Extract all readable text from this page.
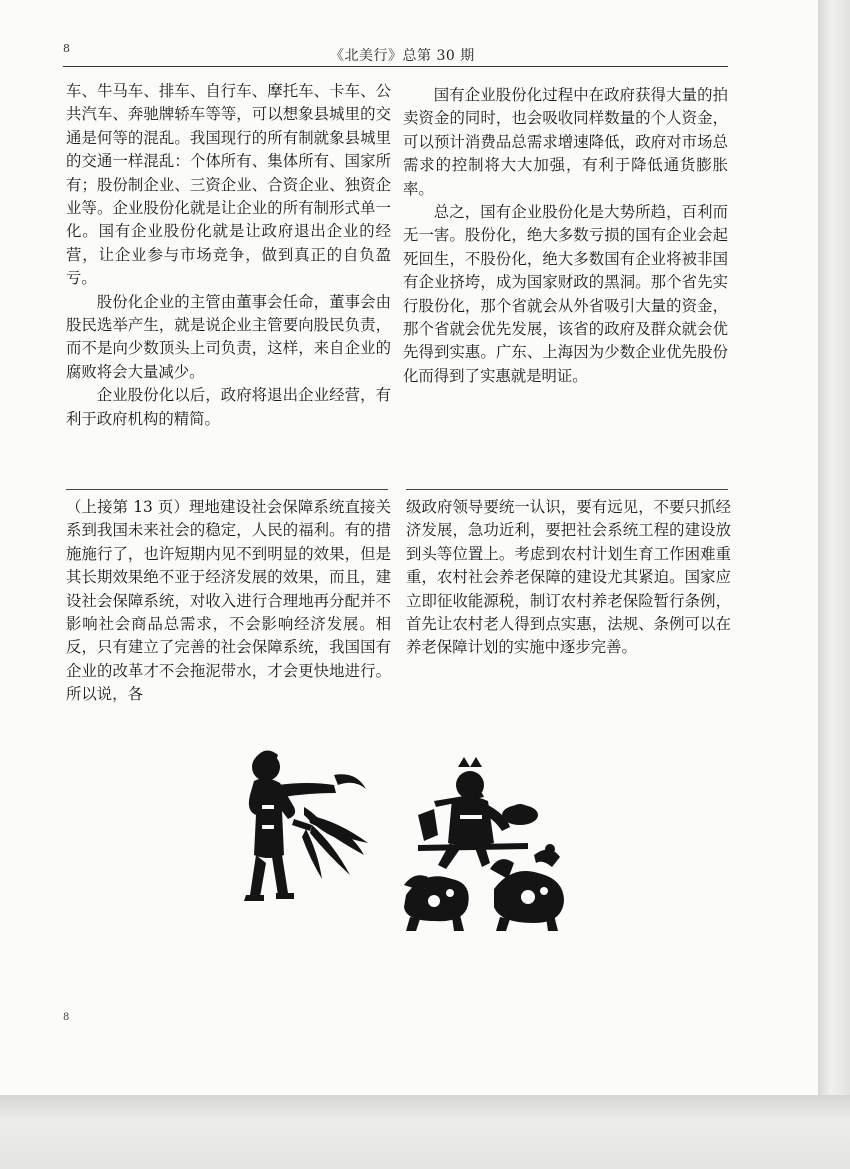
8	《北美行》总第 30 期

车、牛马车、排车、自行车、摩托车、卡车、公共汽车、奔驰牌轿车等等，可以想象县城里的交通是何等的混乱。我国现行的所有制就象县城里的交通一样混乱：个体所有、集体所有、国家所有；股份制企业、三资企业、合资企业、独资企业等。企业股份化就是让企业的所有制形式单一化。国有企业股份化就是让政府退出企业的经营，让企业参与市场竞争，做到真正的自负盈亏。

股份化企业的主管由董事会任命，董事会由股民选举产生，就是说企业主管要向股民负责，而不是向少数顶头上司负责，这样，来自企业的腐败将会大量减少。

企业股份化以后，政府将退出企业经营，有利于政府机构的精简。

国有企业股份化过程中在政府获得大量的拍卖资金的同时，也会吸收同样数量的个人资金，可以预计消费品总需求增速降低，政府对市场总需求的控制将大大加强，有利于降低通货膨胀率。

总之，国有企业股份化是大势所趋，百利而无一害。股份化，绝大多数亏损的国有企业会起死回生，不股份化，绝大多数国有企业将被非国有企业挤垮，成为国家财政的黑洞。那个省先实行股份化，那个省就会从外省吸引大量的资金，那个省就会优先发展，该省的政府及群众就会优先得到实惠。广东、上海因为少数企业优先股份化而得到了实惠就是明证。

（上接第 13 页）理地建设社会保障系统直接关系到我国未来社会的稳定，人民的福利。有的措施施行了，也许短期内见不到明显的效果，但是其长期效果绝不亚于经济发展的效果，而且，建设社会保障系统，对收入进行合理地再分配并不影响社会商品总需求，不会影响经济发展。相反，只有建立了完善的社会保障系统，我国国有企业的改革才不会拖泥带水，才会更快地进行。所以说，各

级政府领导要统一认识，要有远见，不要只抓经济发展，急功近利，要把社会系统工程的建设放到头等位置上。考虑到农村计划生育工作困难重重，农村社会养老保障的建设尤其紧迫。国家应立即征收能源税，制订农村养老保险暂行条例，首先让农村老人得到点实惠，法规、条例可以在养老保障计划的实施中逐步完善。

8
